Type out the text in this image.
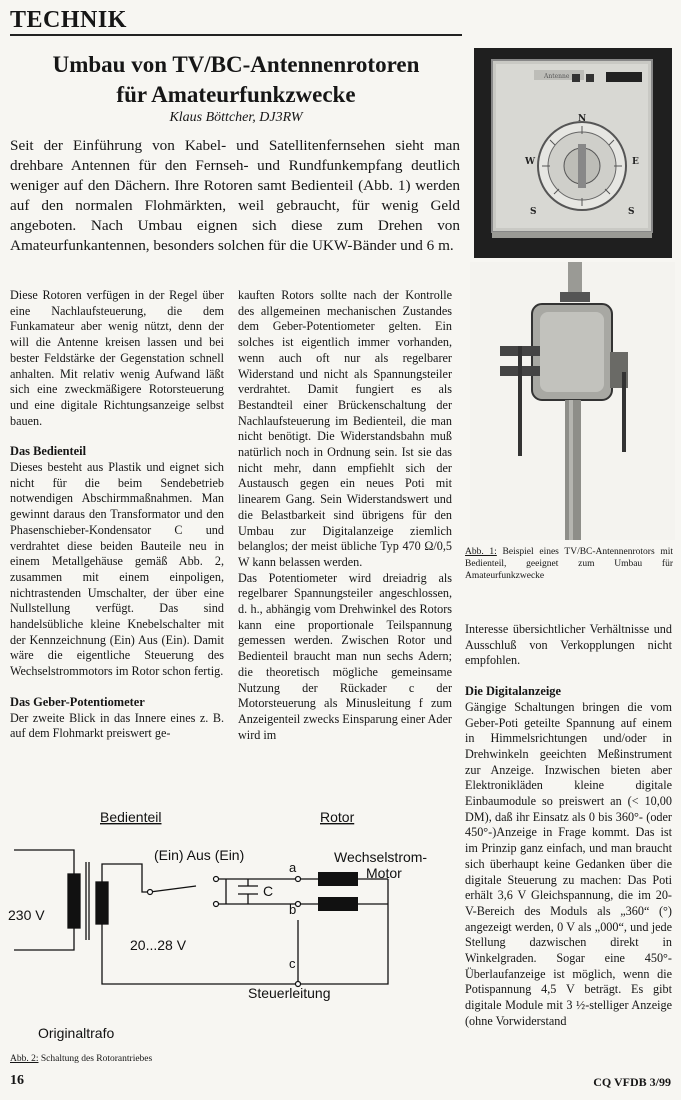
TECHNIK
Umbau von TV/BC-Antennenrotoren
für Amateurfunkzwecke
Klaus Böttcher, DJ3RW

Seit der Einführung von Kabel- und Satellitenfernsehen sieht man drehbare Antennen für den Fernseh- und Rundfunkempfang deutlich weniger auf den Dächern. Ihre Rotoren samt Bedienteil (Abb. 1) werden auf den normalen Flohmärkten, weil gebraucht, für wenig Geld angeboten. Nach Umbau eignen sich diese zum Drehen von Amateurfunkantennen, besonders solchen für die UKW-Bänder und 6 m.

Diese Rotoren verfügen in der Regel über eine Nachlaufsteuerung, die dem Funkamateur aber wenig nützt, denn der will die Antenne kreisen lassen und bei bester Feldstärke der Gegenstation schnell anhalten. Mit relativ wenig Aufwand läßt sich eine zweckmäßigere Rotorsteuerung und eine digitale Richtungsanzeige selbst bauen.

Das Bedienteil

Dieses besteht aus Plastik und eignet sich nicht für die beim Sendebetrieb notwendigen Abschirmmaßnahmen. Man gewinnt daraus den Transformator und den Phasenschieber-Kondensator C und verdrahtet diese beiden Bauteile neu in einem Metallgehäuse gemäß Abb. 2, zusammen mit einem einpoligen, nichtrastenden Umschalter, der über eine Nullstellung verfügt. Das sind handelsübliche kleine Knebelschalter mit der Kennzeichnung (Ein) Aus (Ein). Damit wäre die eigentliche Steuerung des Wechselstrommotors im Rotor schon fertig.

Das Geber-Potentiometer

Der zweite Blick in das Innere eines z. B. auf dem Flohmarkt preiswert ge-

kauften Rotors sollte nach der Kontrolle des allgemeinen mechanischen Zustandes dem Geber-Potentiometer gelten. Ein solches ist eigentlich immer vorhanden, wenn auch oft nur als regelbarer Widerstand und nicht als Spannungsteiler verdrahtet. Damit fungiert es als Bestandteil einer Brückenschaltung der Nachlaufsteuerung im Bedienteil, die man nicht benötigt. Die Widerstandsbahn muß natürlich noch in Ordnung sein. Ist sie das nicht mehr, dann empfiehlt sich der Austausch gegen ein neues Poti mit linearem Gang. Sein Widerstandswert und die Belastbarkeit sind übrigens für den Umbau zur Digitalanzeige ziemlich belanglos; der meist übliche Typ 470 Ω/0,5 W kann belassen werden.

Das Potentiometer wird dreiadrig als regelbarer Spannungsteiler angeschlossen, d. h., abhängig vom Drehwinkel des Rotors kann eine proportionale Teilspannung gemessen werden. Zwischen Rotor und Bedienteil braucht man nun sechs Adern; die theoretisch mögliche gemeinsame Nutzung der Rückader c der Motorsteuerung als Minusleitung f zum Anzeigenteil zwecks Einsparung einer Ader wird im

Antenne
N
W	E
S	S
Abb. 1: Beispiel eines TV/BC-Antennenrotors mit Bedienteil, geeignet zum Umbau für Amateurfunkzwecke

Interesse übersichtlicher Verhältnisse und Ausschluß von Verkopplungen nicht empfohlen.

Die Digitalanzeige

Gängige Schaltungen bringen die vom Geber-Poti geteilte Spannung auf einem in Himmelsrichtungen und/oder in Drehwinkeln geeichten Meßinstrument zur Anzeige. Inzwischen bieten aber Elektronikläden kleine digitale Einbaumodule so preiswert an (< 10,00 DM), daß ihr Einsatz als 0 bis 360°- (oder 450°-)Anzeige in Frage kommt. Das ist im Prinzip ganz einfach, und man braucht sich überhaupt keine Gedanken über die digitale Steuerung zu machen: Das Poti erhält 3,6 V Gleichspannung, die im 20-V-Bereich des Moduls als „360“ (°) angezeigt werden, 0 V als „000“, und jede Stellung dazwischen direkt in Winkelgraden. Sogar eine 450°-Überlaufanzeige ist möglich, wenn die Potispannung 4,5 V beträgt. Es gibt digitale Module mit 3 ½-stelliger Anzeige (ohne Vorwiderstand

Bedienteil	Rotor
230 V
20...28 V
(Ein) Aus (Ein)	Wechselstrom-
Motor
C
a
b
c
Steuerleitung
Originaltrafo
Abb. 2: Schaltung des Rotorantriebes
16	CQ VFDB 3/99
